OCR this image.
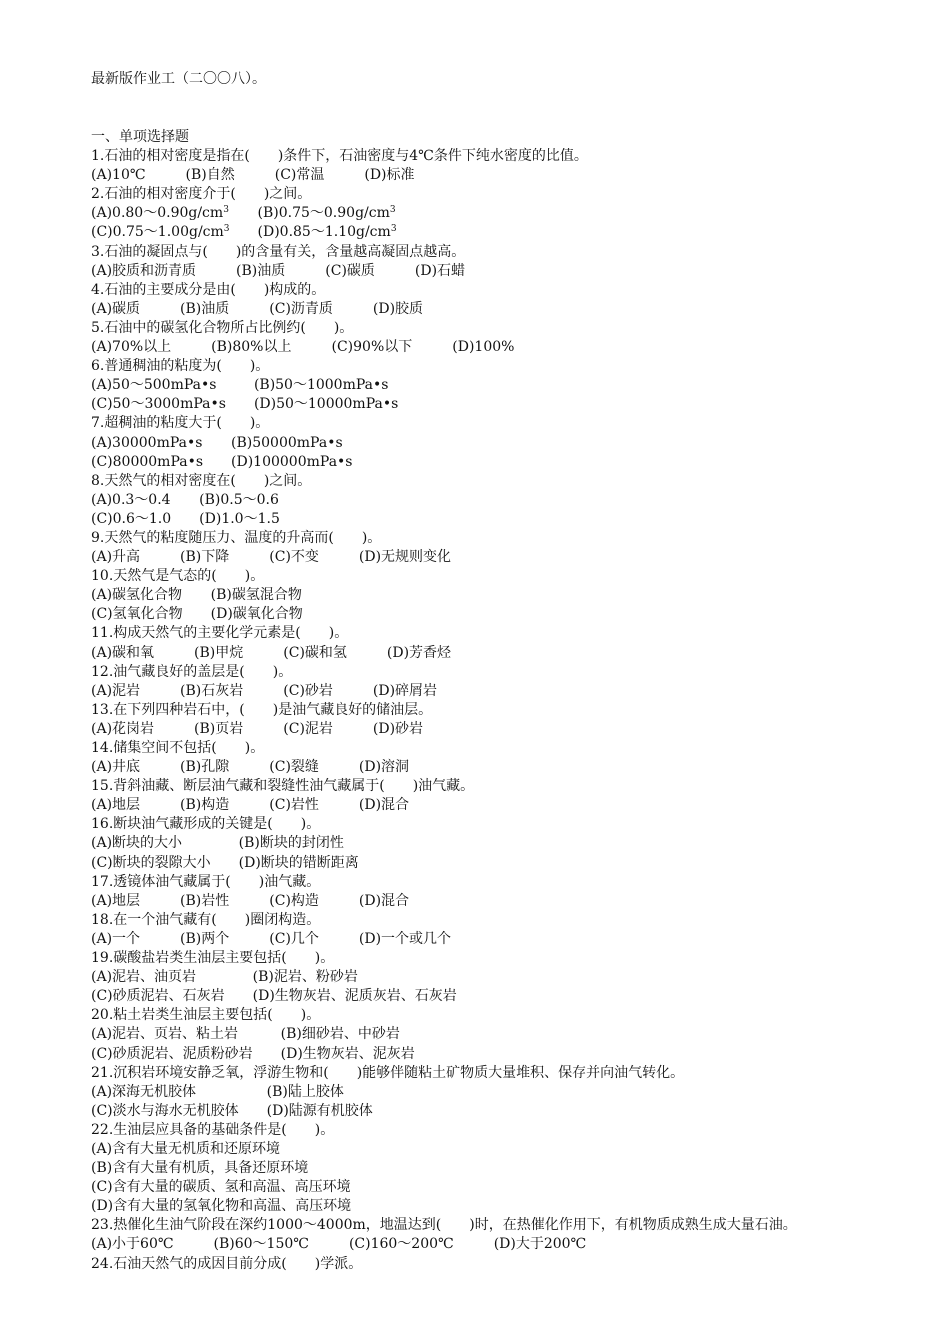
最新版作业工（二〇〇八）。
一、单项选择题
1.石油的相对密度是指在(　　)条件下，石油密度与4℃条件下纯水密度的比值。
(A)10℃	(B)自然	(C)常温	(D)标准
2.石油的相对密度介于(　　)之间。
$(A)0.80\sim 0.90g/cm^3$ $(B)0.75\sim 0.90g/cm^3$
$(C)0.75\sim 1.00g/cm^3$ $(D)0.85\sim 1.10g/cm^3$
3.石油的凝固点与(　　)的含量有关，含量越高凝固点越高。
(A)胶质和沥青质	(B)油质	(C)碳质	(D)石蜡
4.石油的主要成分是由(　　)构成的。
(A)碳质	(B)油质	(C)沥青质	(D)胶质
5.石油中的碳氢化合物所占比例约(　　)。
(A)70%以上	(B)80%以上	(C)90%以下	(D)100%
6.普通稠油的粘度为(　　)。
(A)50～500mPa•s	(B)50～1000mPa•s
(C)50～3000mPa•s (D)50～10000mPa•s
7.超稠油的粘度大于(　　)。
(A)30000mPa•s (B)50000mPa•s
(C)80000mPa•s (D)100000mPa•s
8.天然气的相对密度在(　　)之间。
(A)0.3～0.4 (B)0.5～0.6
(C)0.6～1.0 (D)1.0～1.5
9.天然气的粘度随压力、温度的升高而(　　)。
(A)升高	(B)下降	(C)不变	(D)无规则变化
10.天然气是气态的(　　)。
(A)碳氢化合物 (B)碳氢混合物
(C)氢氧化合物 (D)碳氧化合物
11.构成天然气的主要化学元素是(　　)。
(A)碳和氧	(B)甲烷	(C)碳和氢	(D)芳香烃
12.油气藏良好的盖层是(　　)。
(A)泥岩	(B)石灰岩	(C)砂岩	(D)碎屑岩
13.在下列四种岩石中，(　　)是油气藏良好的储油层。
(A)花岗岩	(B)页岩	(C)泥岩	(D)砂岩
14.储集空间不包括(　　)。
(A)井底	(B)孔隙	(C)裂缝	(D)溶洞
15.背斜油藏、断层油气藏和裂缝性油气藏属于(　　)油气藏。
(A)地层	(B)构造	(C)岩性	(D)混合
16.断块油气藏形成的关键是(　　)。
(A)断块的大小	(B)断块的封闭性
(C)断块的裂隙大小 (D)断块的错断距离
17.透镜体油气藏属于(　　)油气藏。
(A)地层	(B)岩性	(C)构造	(D)混合
18.在一个油气藏有(　　)圈闭构造。
(A)一个	(B)两个	(C)几个	(D)一个或几个
19.碳酸盐岩类生油层主要包括(　　)。
(A)泥岩、油页岩	(B)泥岩、粉砂岩
(C)砂质泥岩、石灰岩 (D)生物灰岩、泥质灰岩、石灰岩
20.粘土岩类生油层主要包括(　　)。
(A)泥岩、页岩、粘土岩	(B)细砂岩、中砂岩
(C)砂质泥岩、泥质粉砂岩 (D)生物灰岩、泥灰岩
21.沉积岩环境安静乏氧，浮游生物和(　　)能够伴随粘土矿物质大量堆积、保存并向油气转化。
(A)深海无机胶体	(B)陆上胶体
(C)淡水与海水无机胶体 (D)陆源有机胶体
22.生油层应具备的基础条件是(　　)。
(A)含有大量无机质和还原环境
(B)含有大量有机质，具备还原环境
(C)含有大量的碳质、氢和高温、高压环境
(D)含有大量的氢氧化物和高温、高压环境
23.热催化生油气阶段在深约1000～4000m，地温达到(　　)时，在热催化作用下，有机物质成熟生成大量石油。
(A)小于60℃	(B)60～150℃	(C)160～200℃	(D)大于200℃
24.石油天然气的成因目前分成(　　)学派。
